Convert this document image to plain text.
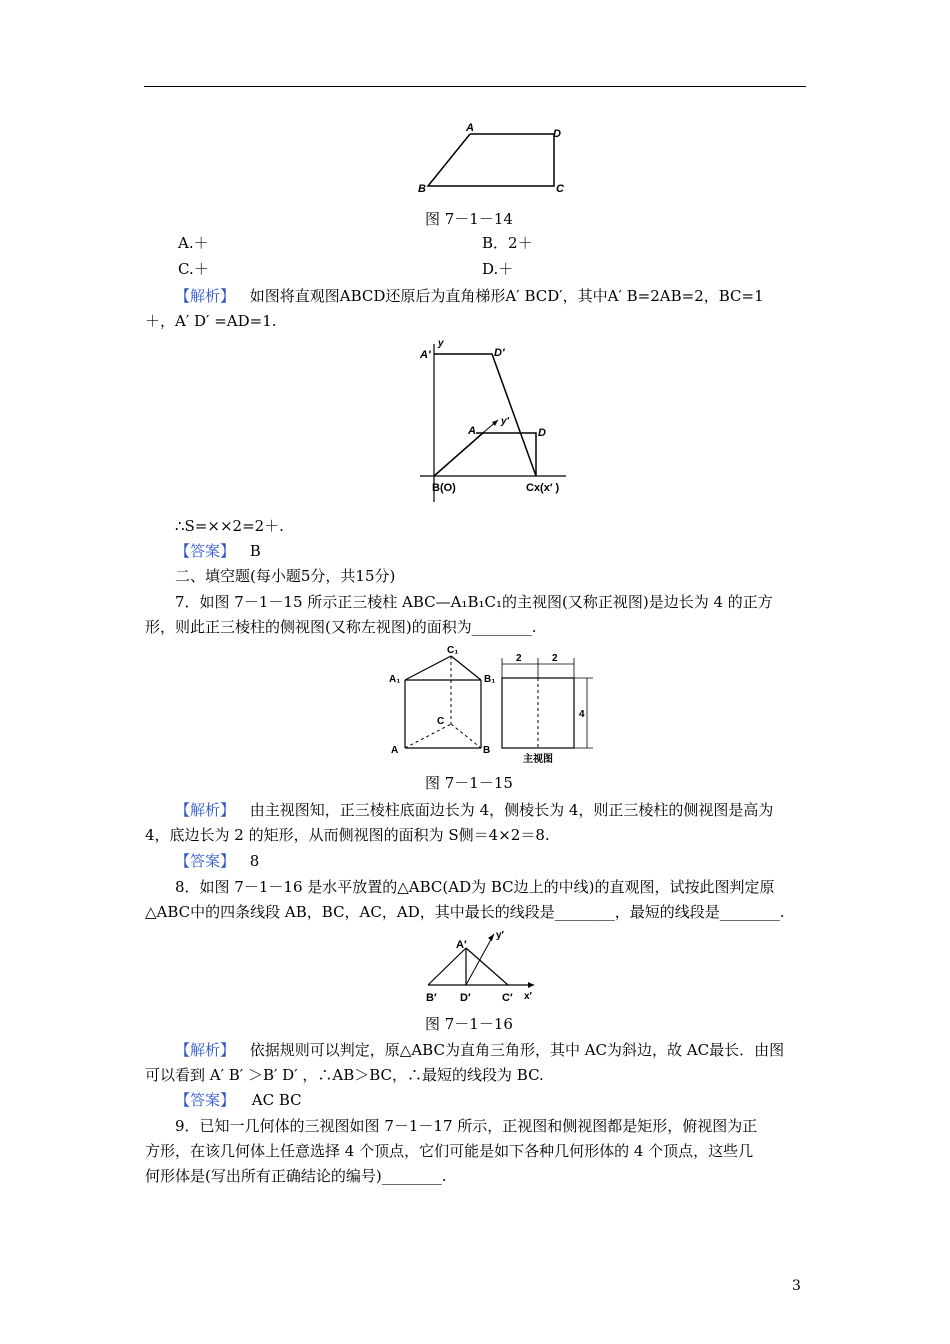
A	D
B	C
图 7－1－14
A.＋	B．2＋
C.＋	D.＋
【解析】 如图将直观图ABCD还原后为直角梯形A′ BCD′，其中A′ B=2AB=2，BC=1
＋，A′ D′ =AD=1.
y
A′	D′
A
y′
D
B(O)	Cx(x′ )
∴S=××2=2＋.
【答案】 B
二、填空题(每小题5分，共15分)
7．如图 7－1－15 所示正三棱柱 ABC—A₁B₁C₁的主视图(又称正视图)是边长为 4 的正方
形，则此正三棱柱的侧视图(又称左视图)的面积为________.
C₁
A₁	B₁
C
A	B
2	2
4
主视图
图 7－1－15
【解析】 由主视图知，正三棱柱底面边长为 4，侧棱长为 4，则正三棱柱的侧视图是高为
4，底边长为 2 的矩形，从而侧视图的面积为 S侧＝4×2＝8.
【答案】 8
8．如图 7－1－16 是水平放置的△ABC(AD为 BC边上的中线)的直观图，试按此图判定原
△ABC中的四条线段 AB，BC，AC，AD，其中最长的线段是________，最短的线段是________.
A′
y′
B′ D′	C′ x′
图 7－1－16
【解析】 依据规则可以判定，原△ABC为直角三角形，其中 AC为斜边，故 AC最长．由图
可以看到 A′ B′ ＞B′ D′ ，∴AB＞BC，∴最短的线段为 BC.
【答案】 AC BC
9．已知一几何体的三视图如图 7－1－17 所示，正视图和侧视图都是矩形，俯视图为正
方形，在该几何体上任意选择 4 个顶点，它们可能是如下各种几何形体的 4 个顶点，这些几
何形体是(写出所有正确结论的编号)________.
3
